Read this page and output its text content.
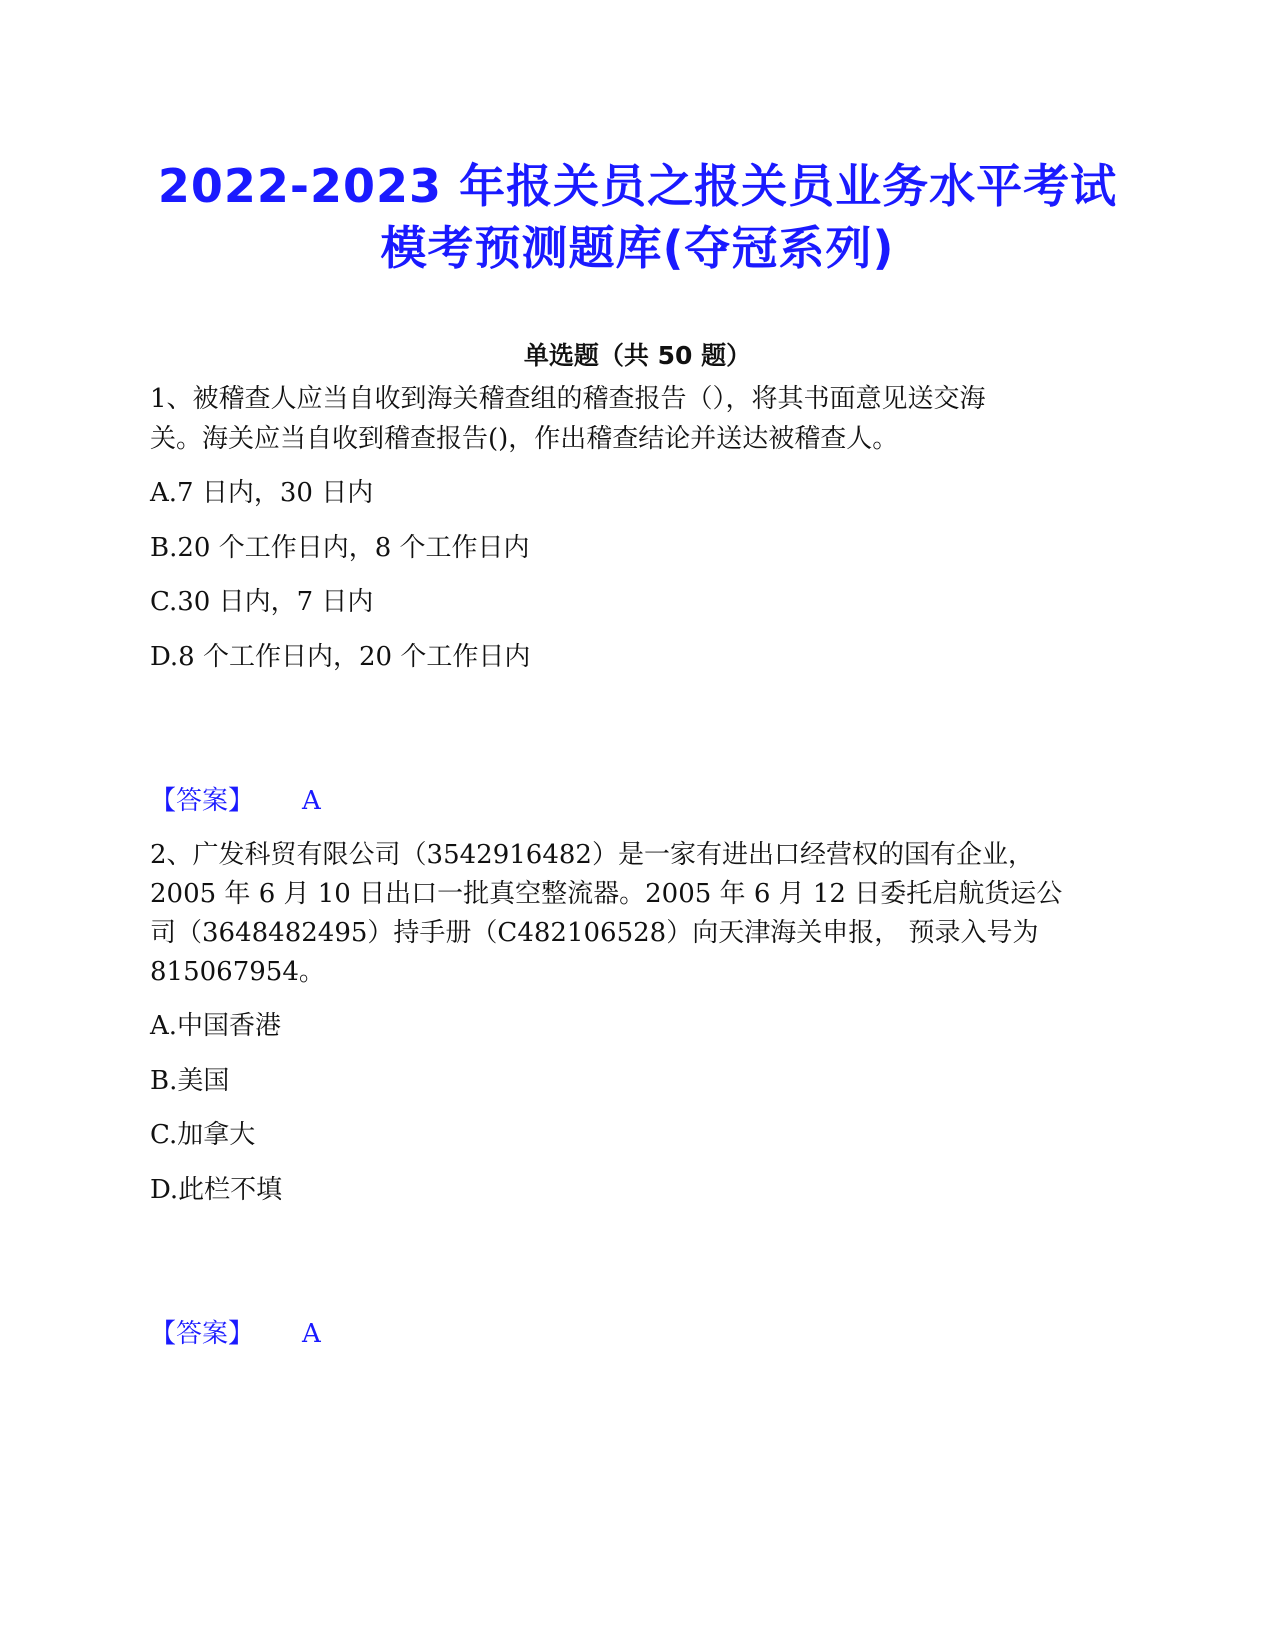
2022-2023 年报关员之报关员业务水平考试
模考预测题库(夺冠系列)
单选题（共 50 题）
1、被稽查人应当自收到海关稽查组的稽查报告（），将其书面意见送交海
关。海关应当自收到稽查报告()，作出稽查结论并送达被稽查人。
A.7 日内，30 日内
B.20 个工作日内，8 个工作日内
C.30 日内，7 日内
D.8 个工作日内，20 个工作日内
【答案】 A
2、广发科贸有限公司（3542916482）是一家有进出口经营权的国有企业，
2005 年 6 月 10 日出口一批真空整流器。2005 年 6 月 12 日委托启航货运公
司（3648482495）持手册（C482106528）向天津海关申报， 预录入号为
815067954。
A.中国香港
B.美国
C.加拿大
D.此栏不填
【答案】 A
